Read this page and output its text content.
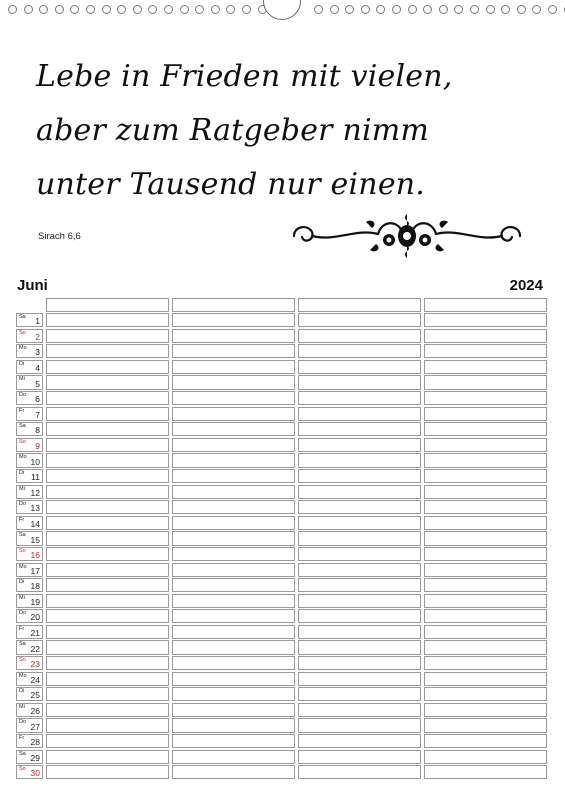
Lebe in Frieden mit vielen,
aber zum Ratgeber nimm
unter Tausend nur einen.
Sirach 6,6
Juni	2024
Sa 1
So 2
Mo 3
Di 4
Mi 5
Do 6
Fr 7
Sa 8
So 9
Mo 10
Di 11
Mi 12
Do 13
Fr 14
Sa 15
So 16
Mo 17
Di 18
Mi 19
Do 20
Fr 21
Sa 22
So 23
Mo 24
Di 25
Mi 26
Do 27
Fr 28
Sa 29
So 30
